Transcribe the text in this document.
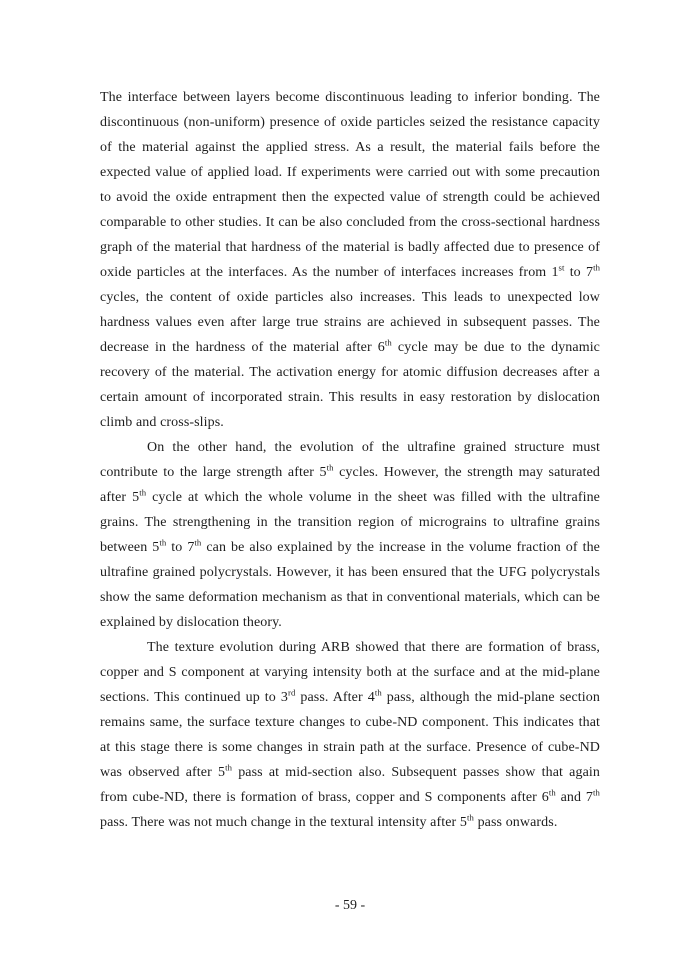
The interface between layers become discontinuous leading to inferior bonding. The discontinuous (non-uniform) presence of oxide particles seized the resistance capacity of the material against the applied stress. As a result, the material fails before the expected value of applied load. If experiments were carried out with some precaution to avoid the oxide entrapment then the expected value of strength could be achieved comparable to other studies. It can be also concluded from the cross-sectional hardness graph of the material that hardness of the material is badly affected due to presence of oxide particles at the interfaces. As the number of interfaces increases from 1st to 7th cycles, the content of oxide particles also increases. This leads to unexpected low hardness values even after large true strains are achieved in subsequent passes. The decrease in the hardness of the material after 6th cycle may be due to the dynamic recovery of the material. The activation energy for atomic diffusion decreases after a certain amount of incorporated strain. This results in easy restoration by dislocation climb and cross-slips.

On the other hand, the evolution of the ultrafine grained structure must contribute to the large strength after 5th cycles. However, the strength may saturated after 5th cycle at which the whole volume in the sheet was filled with the ultrafine grains. The strengthening in the transition region of micrograins to ultrafine grains between 5th to 7th can be also explained by the increase in the volume fraction of the ultrafine grained polycrystals. However, it has been ensured that the UFG polycrystals show the same deformation mechanism as that in conventional materials, which can be explained by dislocation theory.

The texture evolution during ARB showed that there are formation of brass, copper and S component at varying intensity both at the surface and at the mid-plane sections. This continued up to 3rd pass. After 4th pass, although the mid-plane section remains same, the surface texture changes to cube-ND component. This indicates that at this stage there is some changes in strain path at the surface. Presence of cube-ND was observed after 5th pass at mid-section also. Subsequent passes show that again from cube-ND, there is formation of brass, copper and S components after 6th and 7th pass. There was not much change in the textural intensity after 5th pass onwards.

- 59 -
